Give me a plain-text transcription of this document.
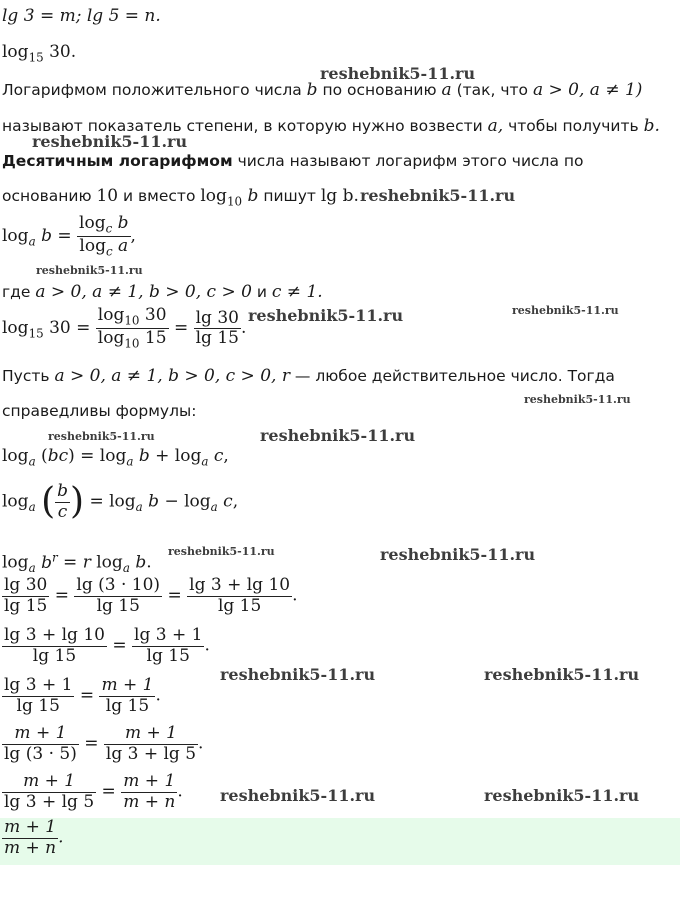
lg 3 = m; lg 5 = n.
$\log_{15} 30$.
Логарифмом положительного числа b по основанию a (так, что a > 0, a ≠ 1)
называют показатель степени, в которую нужно возвести a, чтобы получить b.
Десятичным логарифмом числа называют логарифм этого числа по
основанию 10 и вместо $\log_{10} b$ пишут lg b.
$\log_a b = \frac{\log_c b}{\log_c a}$ ,
где a > 0, a ≠ 1, b > 0, c > 0 и c ≠ 1.
$\log_{15} 30 = \frac{\log_{10} 30}{\log_{10} 15} = \frac{\lg 30}{\lg 15}$ .
Пусть a > 0, a ≠ 1, b > 0, c > 0, r — любое действительное число. Тогда
справедливы формулы:
$\log_a (bc) = \log_a b + \log_a c$,
$\log_a$ ( $\frac{b}{c}$ ) = $\log_a b - \log_a c$,
$\log_a b^r = r$ $\log_a b$.
$\frac{\lg 30}{\lg 15} = \frac{\lg (3 \cdot 10)}{\lg 15} = \frac{\lg 3 + \lg 10}{\lg 15}$ .
$\frac{\lg 3 + \lg 10}{\lg 15} = \frac{\lg 3 + 1}{\lg 15}$ .
$\frac{\lg 3 + 1}{\lg 15} = \frac{m + 1}{\lg 15}$ .
$\frac{m + 1}{\lg (3 \cdot 5)} = \frac{m + 1}{\lg 3 + \lg 5}$ .
$\frac{m + 1}{\lg 3 + \lg 5} = \frac{m + 1}{m + n}$ .
$\frac{m + 1}{m + n}$ .
reshebnik5-11.ru
reshebnik5-11.ru
reshebnik5-11.ru
reshebnik5-11.ru
reshebnik5-11.ru	reshebnik5-11.ru
reshebnik5-11.ru
reshebnik5-11.ru	reshebnik5-11.ru
reshebnik5-11.ru	reshebnik5-11.ru
reshebnik5-11.ru	reshebnik5-11.ru
reshebnik5-11.ru	reshebnik5-11.ru
